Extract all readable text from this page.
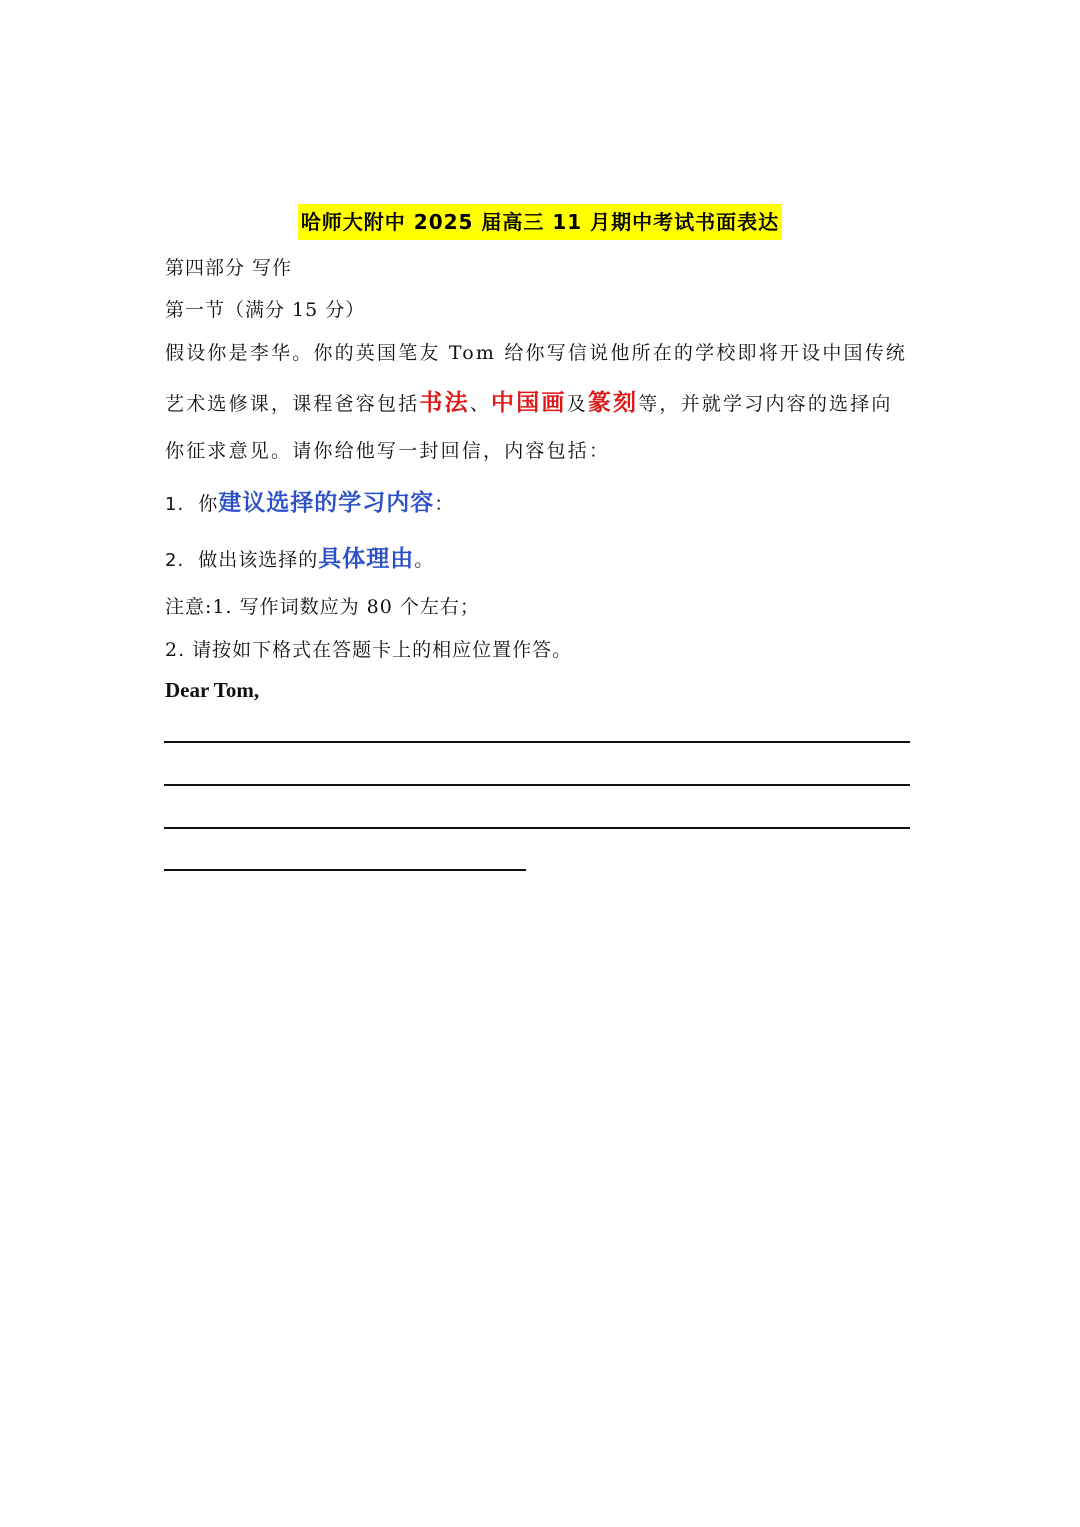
哈师大附中 2025 届高三 11 月期中考试书面表达
第四部分 写作
第一节（满分 15 分）
假设你是李华。你的英国笔友 Tom 给你写信说他所在的学校即将开设中国传统
艺术选修课，课程爸容包括书法、中国画及篆刻等，并就学习内容的选择向
你征求意见。请你给他写一封回信，内容包括：
1. 你建议选择的学习内容：
2. 做出该选择的具体理由。
注意:1. 写作词数应为 80 个左右；
2. 请按如下格式在答题卡上的相应位置作答。
Dear Tom,
